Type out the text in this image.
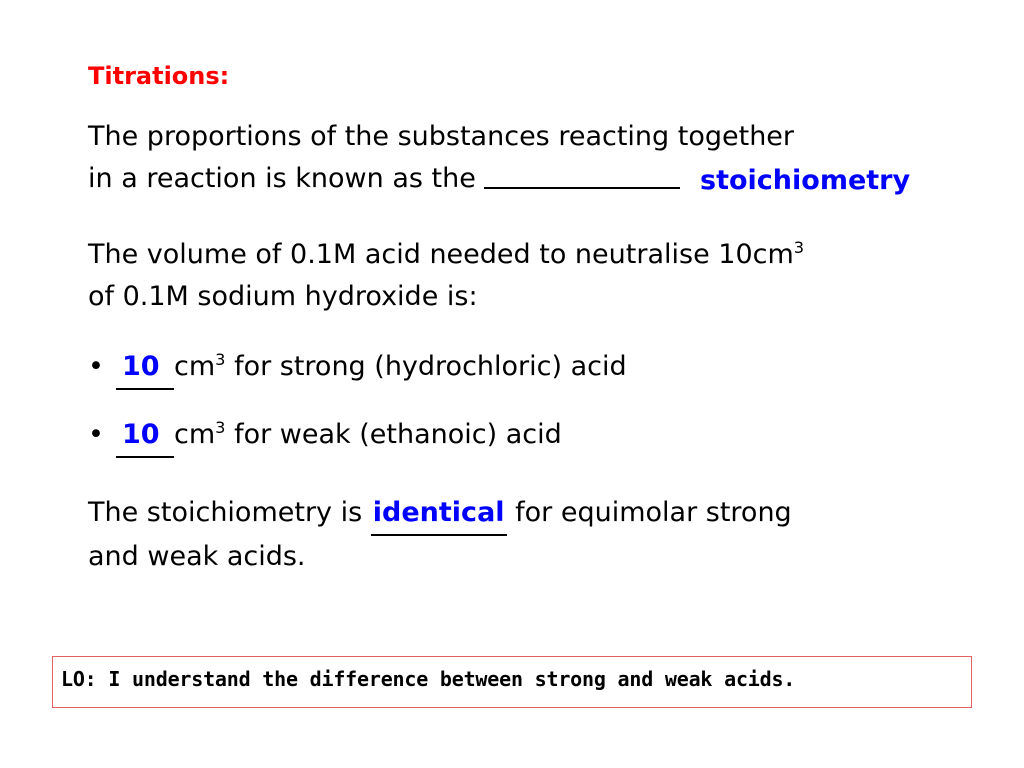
Titrations:
The proportions of the substances reacting together
in a reaction is known as the	stoichiometry
The volume of 0.1M acid needed to neutralise $10cm^3$
of 0.1M sodium hydroxide is:
• 10 $cm^3$ for strong (hydrochloric) acid
• 10 $cm^3$ for weak (ethanoic) acid
The stoichiometry is identical for equimolar strong
and weak acids.
LO: I understand the difference between strong and weak acids.
